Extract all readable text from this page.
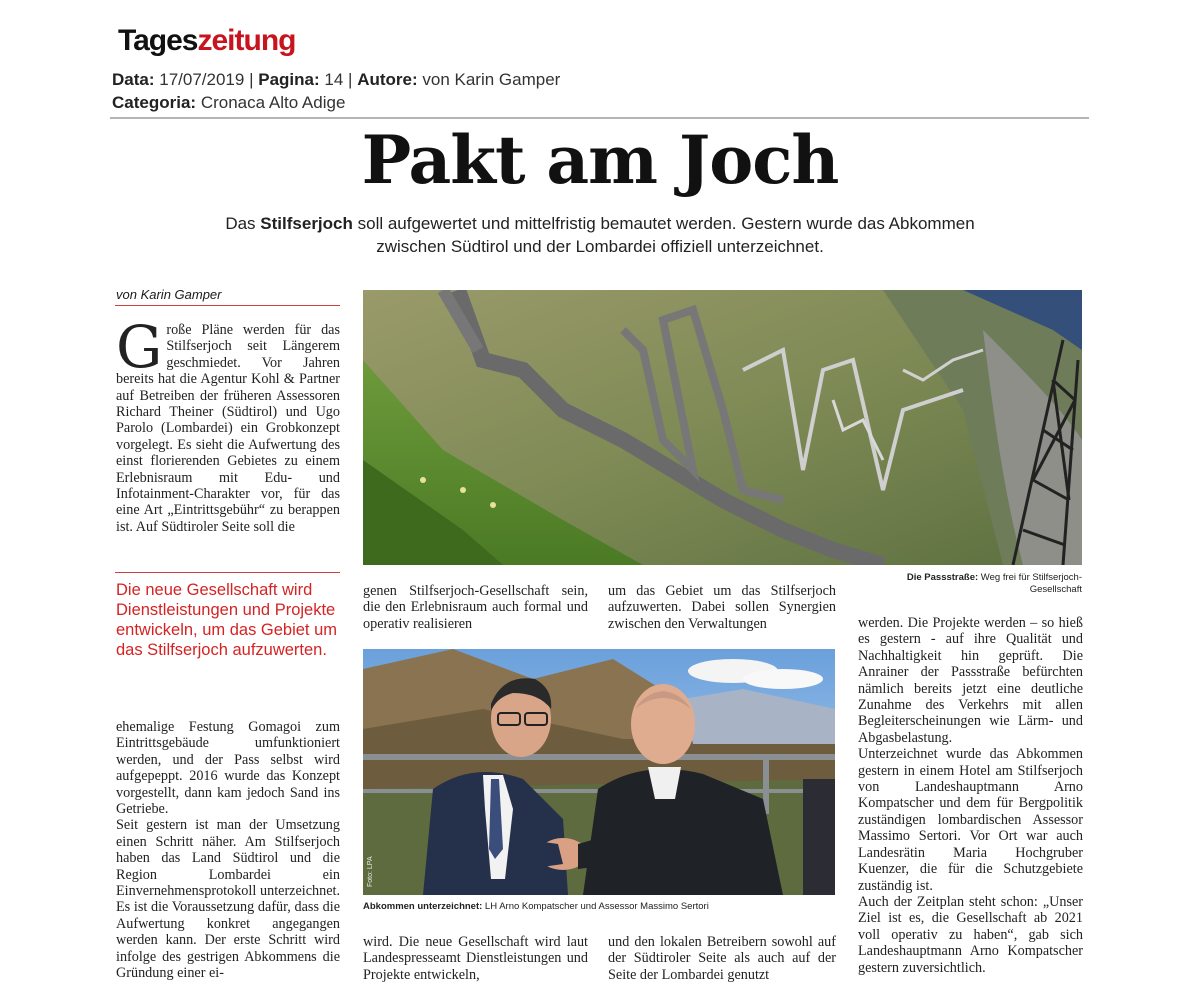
Tageszeitung
Data: 17/07/2019 | Pagina: 14 | Autore: von Karin Gamper
Categoria: Cronaca Alto Adige
Pakt am Joch
Das Stilfserjoch soll aufgewertet und mittelfristig bemautet werden. Gestern wurde das Abkommen zwischen Südtirol und der Lombardei offiziell unterzeichnet.
von Karin Gamper
Große Pläne werden für das Stilfserjoch seit Längerem geschmiedet. Vor Jahren bereits hat die Agentur Kohl & Partner auf Betreiben der früheren Assessoren Richard Theiner (Südtirol) und Ugo Parolo (Lombardei) ein Grobkonzept vorgelegt. Es sieht die Aufwertung des einst florierenden Gebietes zu einem Erlebnisraum mit Edu- und Infotainment-Charakter vor, für das eine Art „Eintrittsgebühr“ zu berappen ist. Auf Südtiroler Seite soll die
Die neue Gesellschaft wird Dienstleistungen und Projekte entwickeln, um das Gebiet um das Stilfserjoch aufzuwerten.
ehemalige Festung Gomagoi zum Eintrittsgebäude umfunktioniert werden, und der Pass selbst wird aufgepeppt. 2016 wurde das Konzept vorgestellt, dann kam jedoch Sand ins Getriebe.
Seit gestern ist man der Umsetzung einen Schritt näher. Am Stilfserjoch haben das Land Südtirol und die Region Lombardei ein Einvernehmensprotokoll unterzeichnet. Es ist die Voraussetzung dafür, dass die Aufwertung konkret angegangen werden kann. Der erste Schritt wird infolge des gestrigen Abkommens die Gründung einer ei-
Die Passstraße: Weg frei für Stilfserjoch-Gesellschaft
genen Stilfserjoch-Gesellschaft sein, die den Erlebnisraum auch formal und operativ realisieren
um das Gebiet um das Stilfserjoch aufzuwerten. Dabei sollen Synergien zwischen den Verwaltungen
Foto: LPA
Abkommen unterzeichnet: LH Arno Kompatscher und Assessor Massimo Sertori
wird. Die neue Gesellschaft wird laut Landespresseamt Dienstleistungen und Projekte entwickeln,
und den lokalen Betreibern sowohl auf der Südtiroler Seite als auch auf der Seite der Lombardei genutzt
werden. Die Projekte werden – so hieß es gestern - auf ihre Qualität und Nachhaltigkeit hin geprüft. Die Anrainer der Passstraße befürchten nämlich bereits jetzt eine deutliche Zunahme des Verkehrs mit allen Begleiterscheinungen wie Lärm- und Abgasbelastung.
Unterzeichnet wurde das Abkommen gestern in einem Hotel am Stilfserjoch von Landeshauptmann Arno Kompatscher und dem für Bergpolitik zuständigen lombardischen Assessor Massimo Sertori. Vor Ort war auch Landesrätin Maria Hochgruber Kuenzer, die für die Schutzgebiete zuständig ist.
Auch der Zeitplan steht schon: „Unser Ziel ist es, die Gesellschaft ab 2021 voll operativ zu haben“, gab sich Landeshauptmann Arno Kompatscher gestern zuversichtlich.
